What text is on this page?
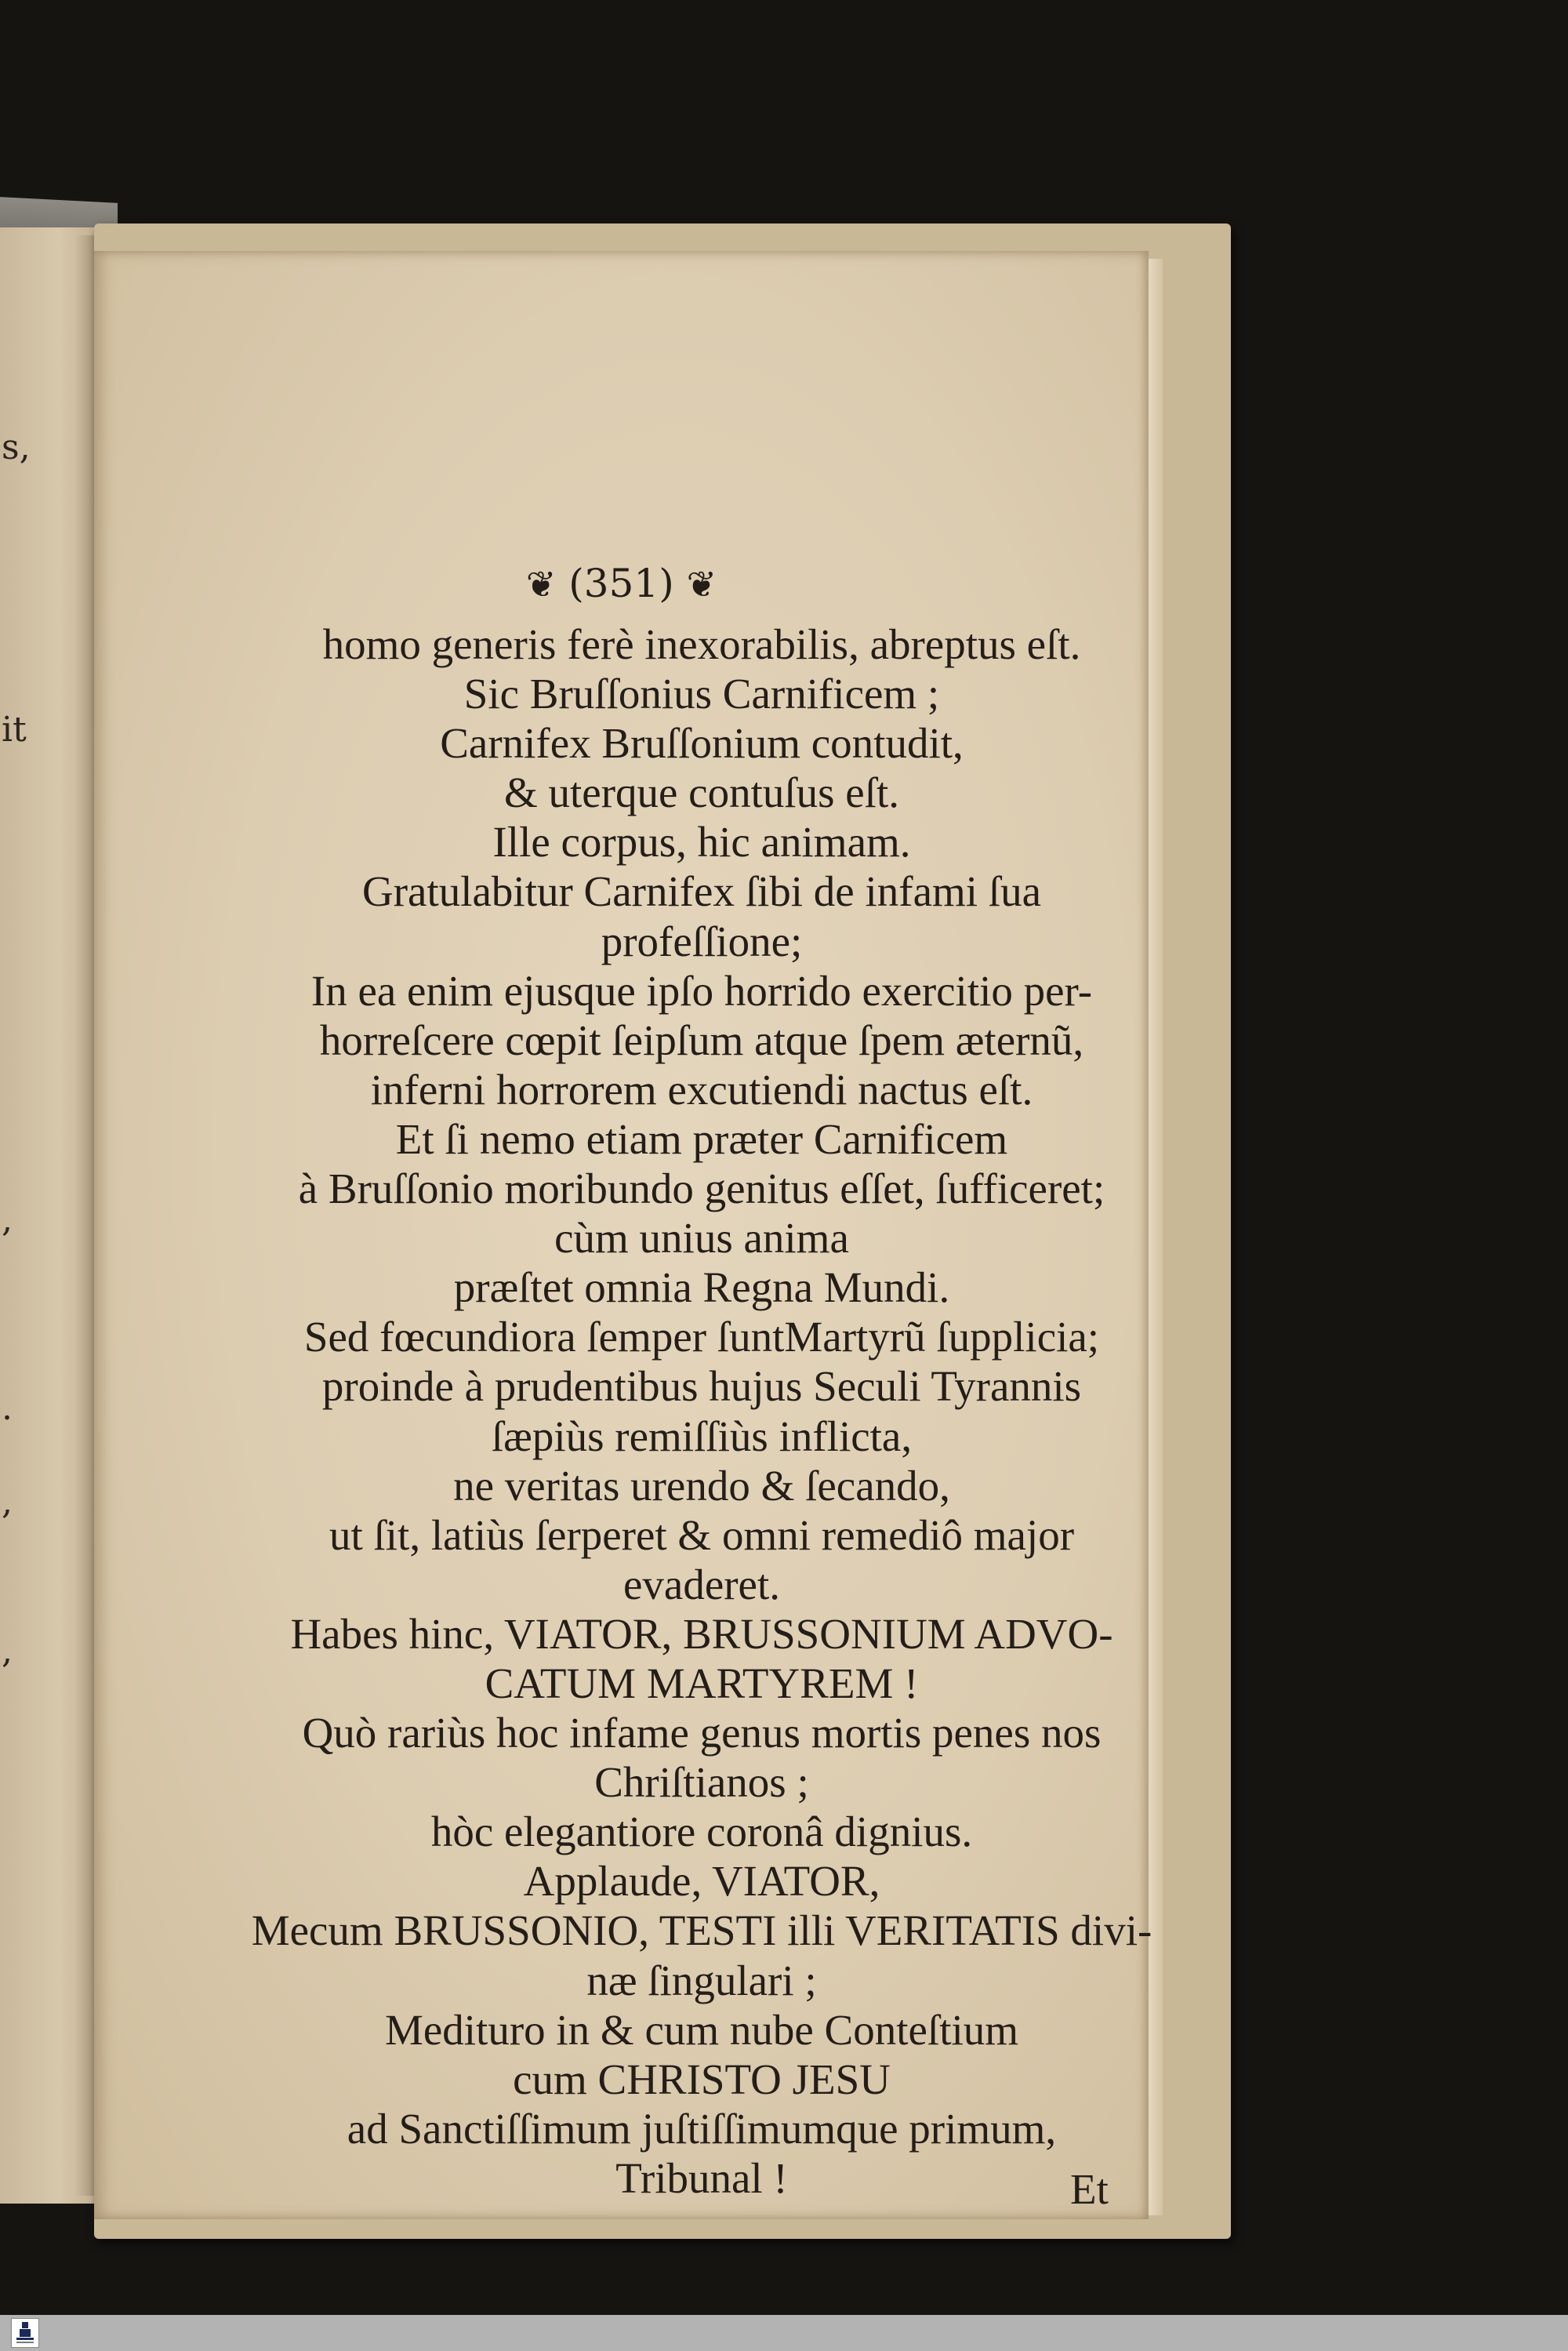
s,
it
,
.
,
,
❦ (351) ❦
homo generis ferè inexorabilis, abreptus eſt.
Sic Bruſſonius Carnificem ;
Carnifex Bruſſonium contudit,
& uterque contuſus eſt.
Ille corpus, hic animam.
Gratulabitur Carnifex ſibi de infami ſua
profeſſione;
In ea enim ejusque ipſo horrido exercitio per-
horreſcere cœpit ſeipſum atque ſpem æternũ,
inferni horrorem excutiendi nactus eſt.
Et ſi nemo etiam præter Carnificem
à Bruſſonio moribundo genitus eſſet, ſufficeret;
cùm unius anima
præſtet omnia Regna Mundi.
Sed fœcundiora ſemper ſuntMartyrũ ſupplicia;
proinde à prudentibus hujus Seculi Tyrannis
ſæpiùs remiſſiùs inflicta,
ne veritas urendo & ſecando,
ut ſit, latiùs ſerperet & omni remediô major
evaderet.
Habes hinc, VIATOR, BRUSSONIUM ADVO-
CATUM MARTYREM !
Quò rariùs hoc infame genus mortis penes nos
Chriſtianos ;
hòc elegantiore coronâ dignius.
Applaude, VIATOR,
Mecum BRUSSONIO, TESTI illi VERITATIS divi-
næ ſingulari ;
Medituro in & cum nube Conteſtium
cum CHRISTO JESU
ad Sanctiſſimum juſtiſſimumque primum,
Tribunal !	Et
